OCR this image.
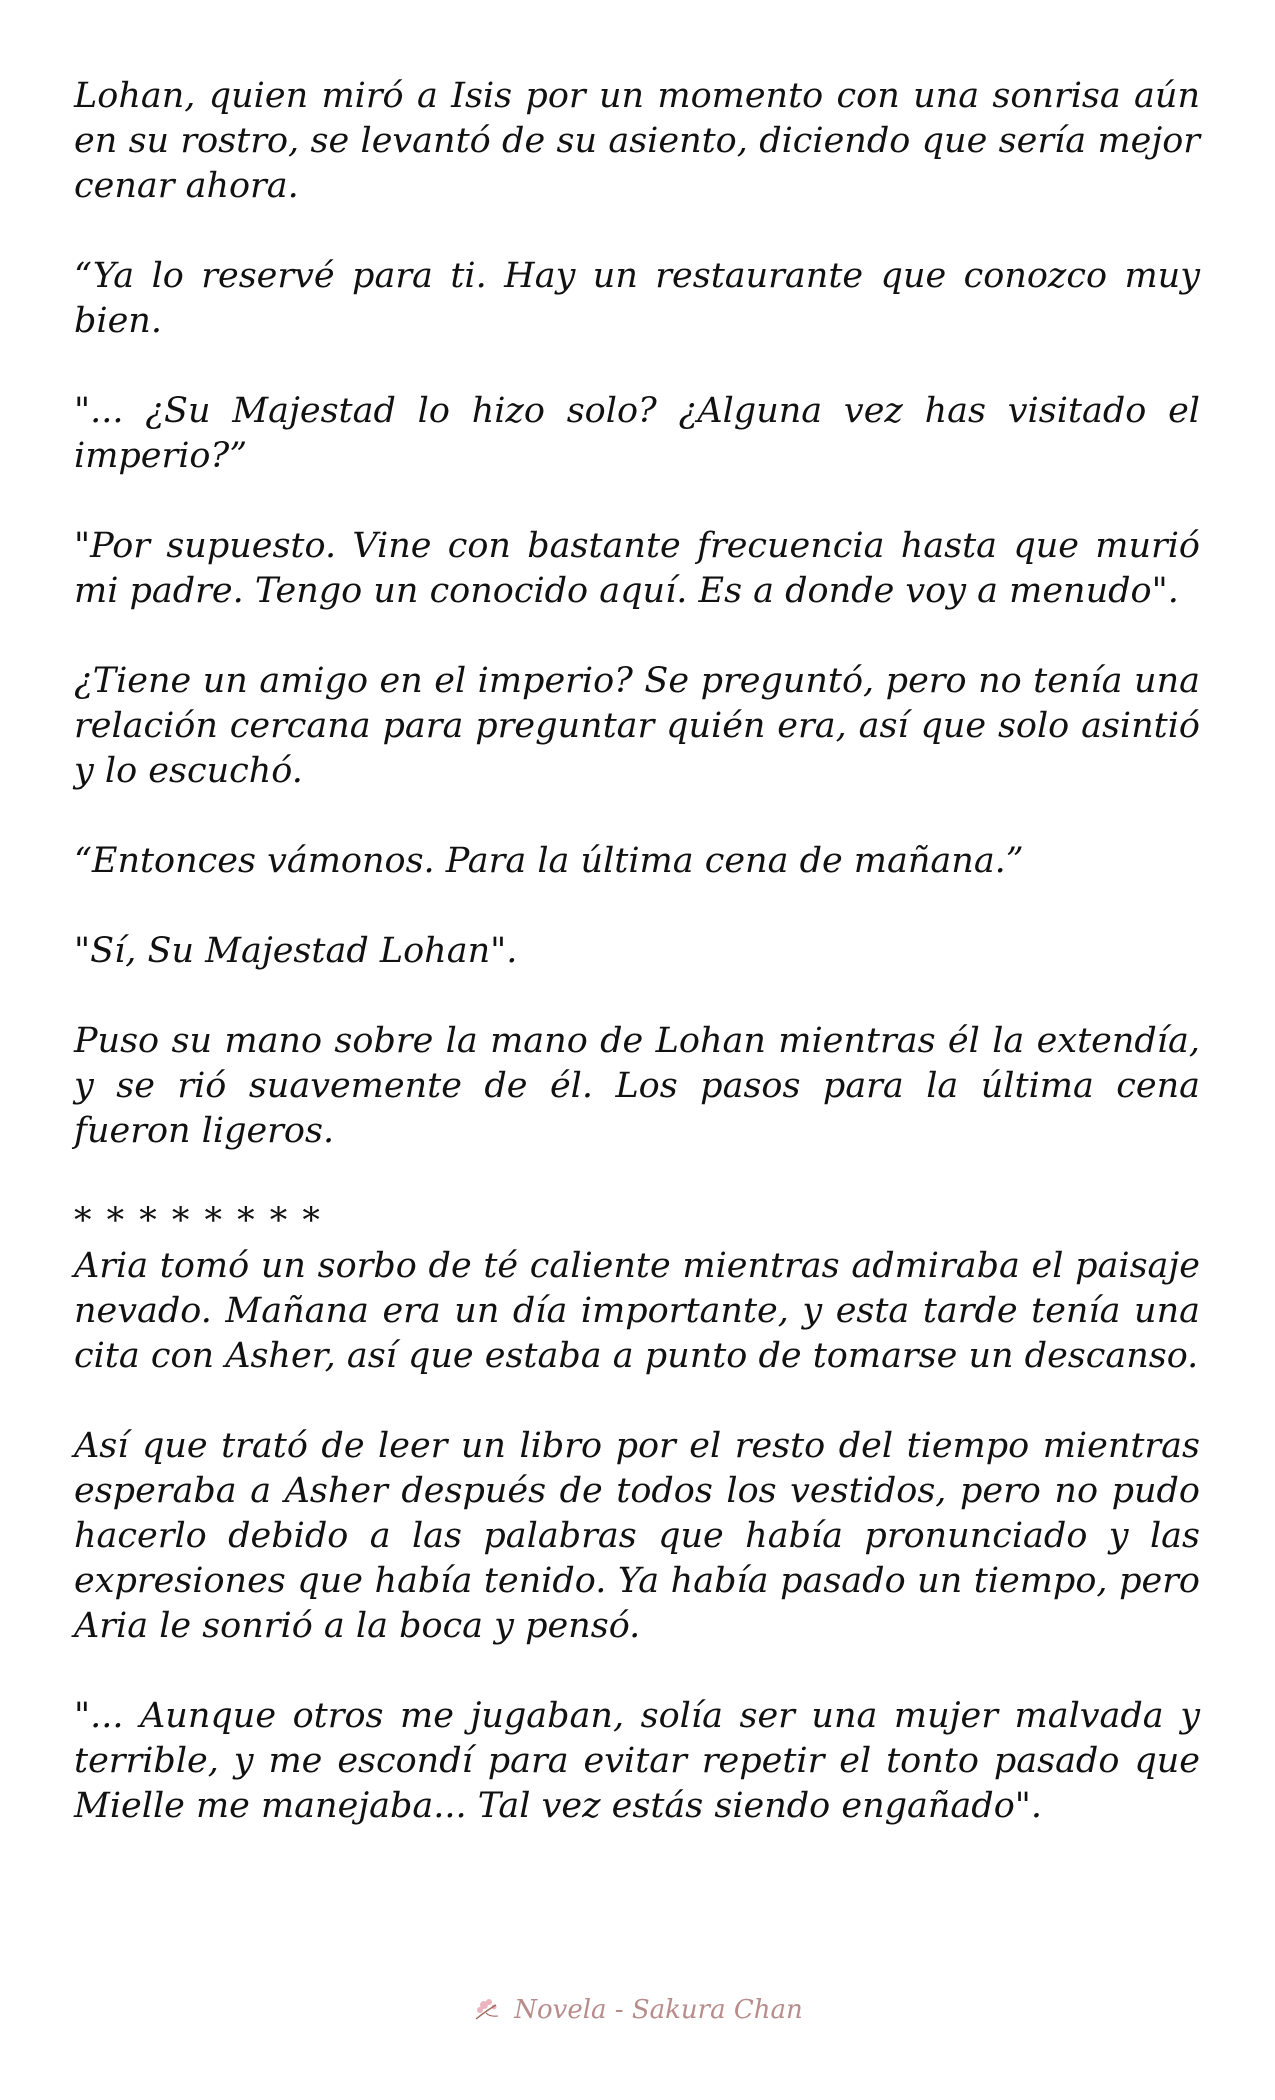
Lohan, quien miró a Isis por un momento con una sonrisa aún en su rostro, se levantó de su asiento, diciendo que sería mejor cenar ahora.

“Ya lo reservé para ti. Hay un restaurante que conozco muy bien.

"... ¿Su Majestad lo hizo solo? ¿Alguna vez has visitado el imperio?”

"Por supuesto. Vine con bastante frecuencia hasta que murió mi padre. Tengo un conocido aquí. Es a donde voy a menudo".

¿Tiene un amigo en el imperio? Se preguntó, pero no tenía una relación cercana para preguntar quién era, así que solo asintió y lo escuchó.

“Entonces vámonos. Para la última cena de mañana.”

"Sí, Su Majestad Lohan".

Puso su mano sobre la mano de Lohan mientras él la extendía, y se rió suavemente de él. Los pasos para la última cena fueron ligeros.

* * * * * * * *

Aria tomó un sorbo de té caliente mientras admiraba el paisaje nevado. Mañana era un día importante, y esta tarde tenía una cita con Asher, así que estaba a punto de tomarse un descanso.

Así que trató de leer un libro por el resto del tiempo mientras esperaba a Asher después de todos los vestidos, pero no pudo hacerlo debido a las palabras que había pronunciado y las expresiones que había tenido. Ya había pasado un tiempo, pero Aria le sonrió a la boca y pensó.

"... Aunque otros me jugaban, solía ser una mujer malvada y terrible, y me escondí para evitar repetir el tonto pasado que Mielle me manejaba... Tal vez estás siendo engañado".

Novela - Sakura Chan
